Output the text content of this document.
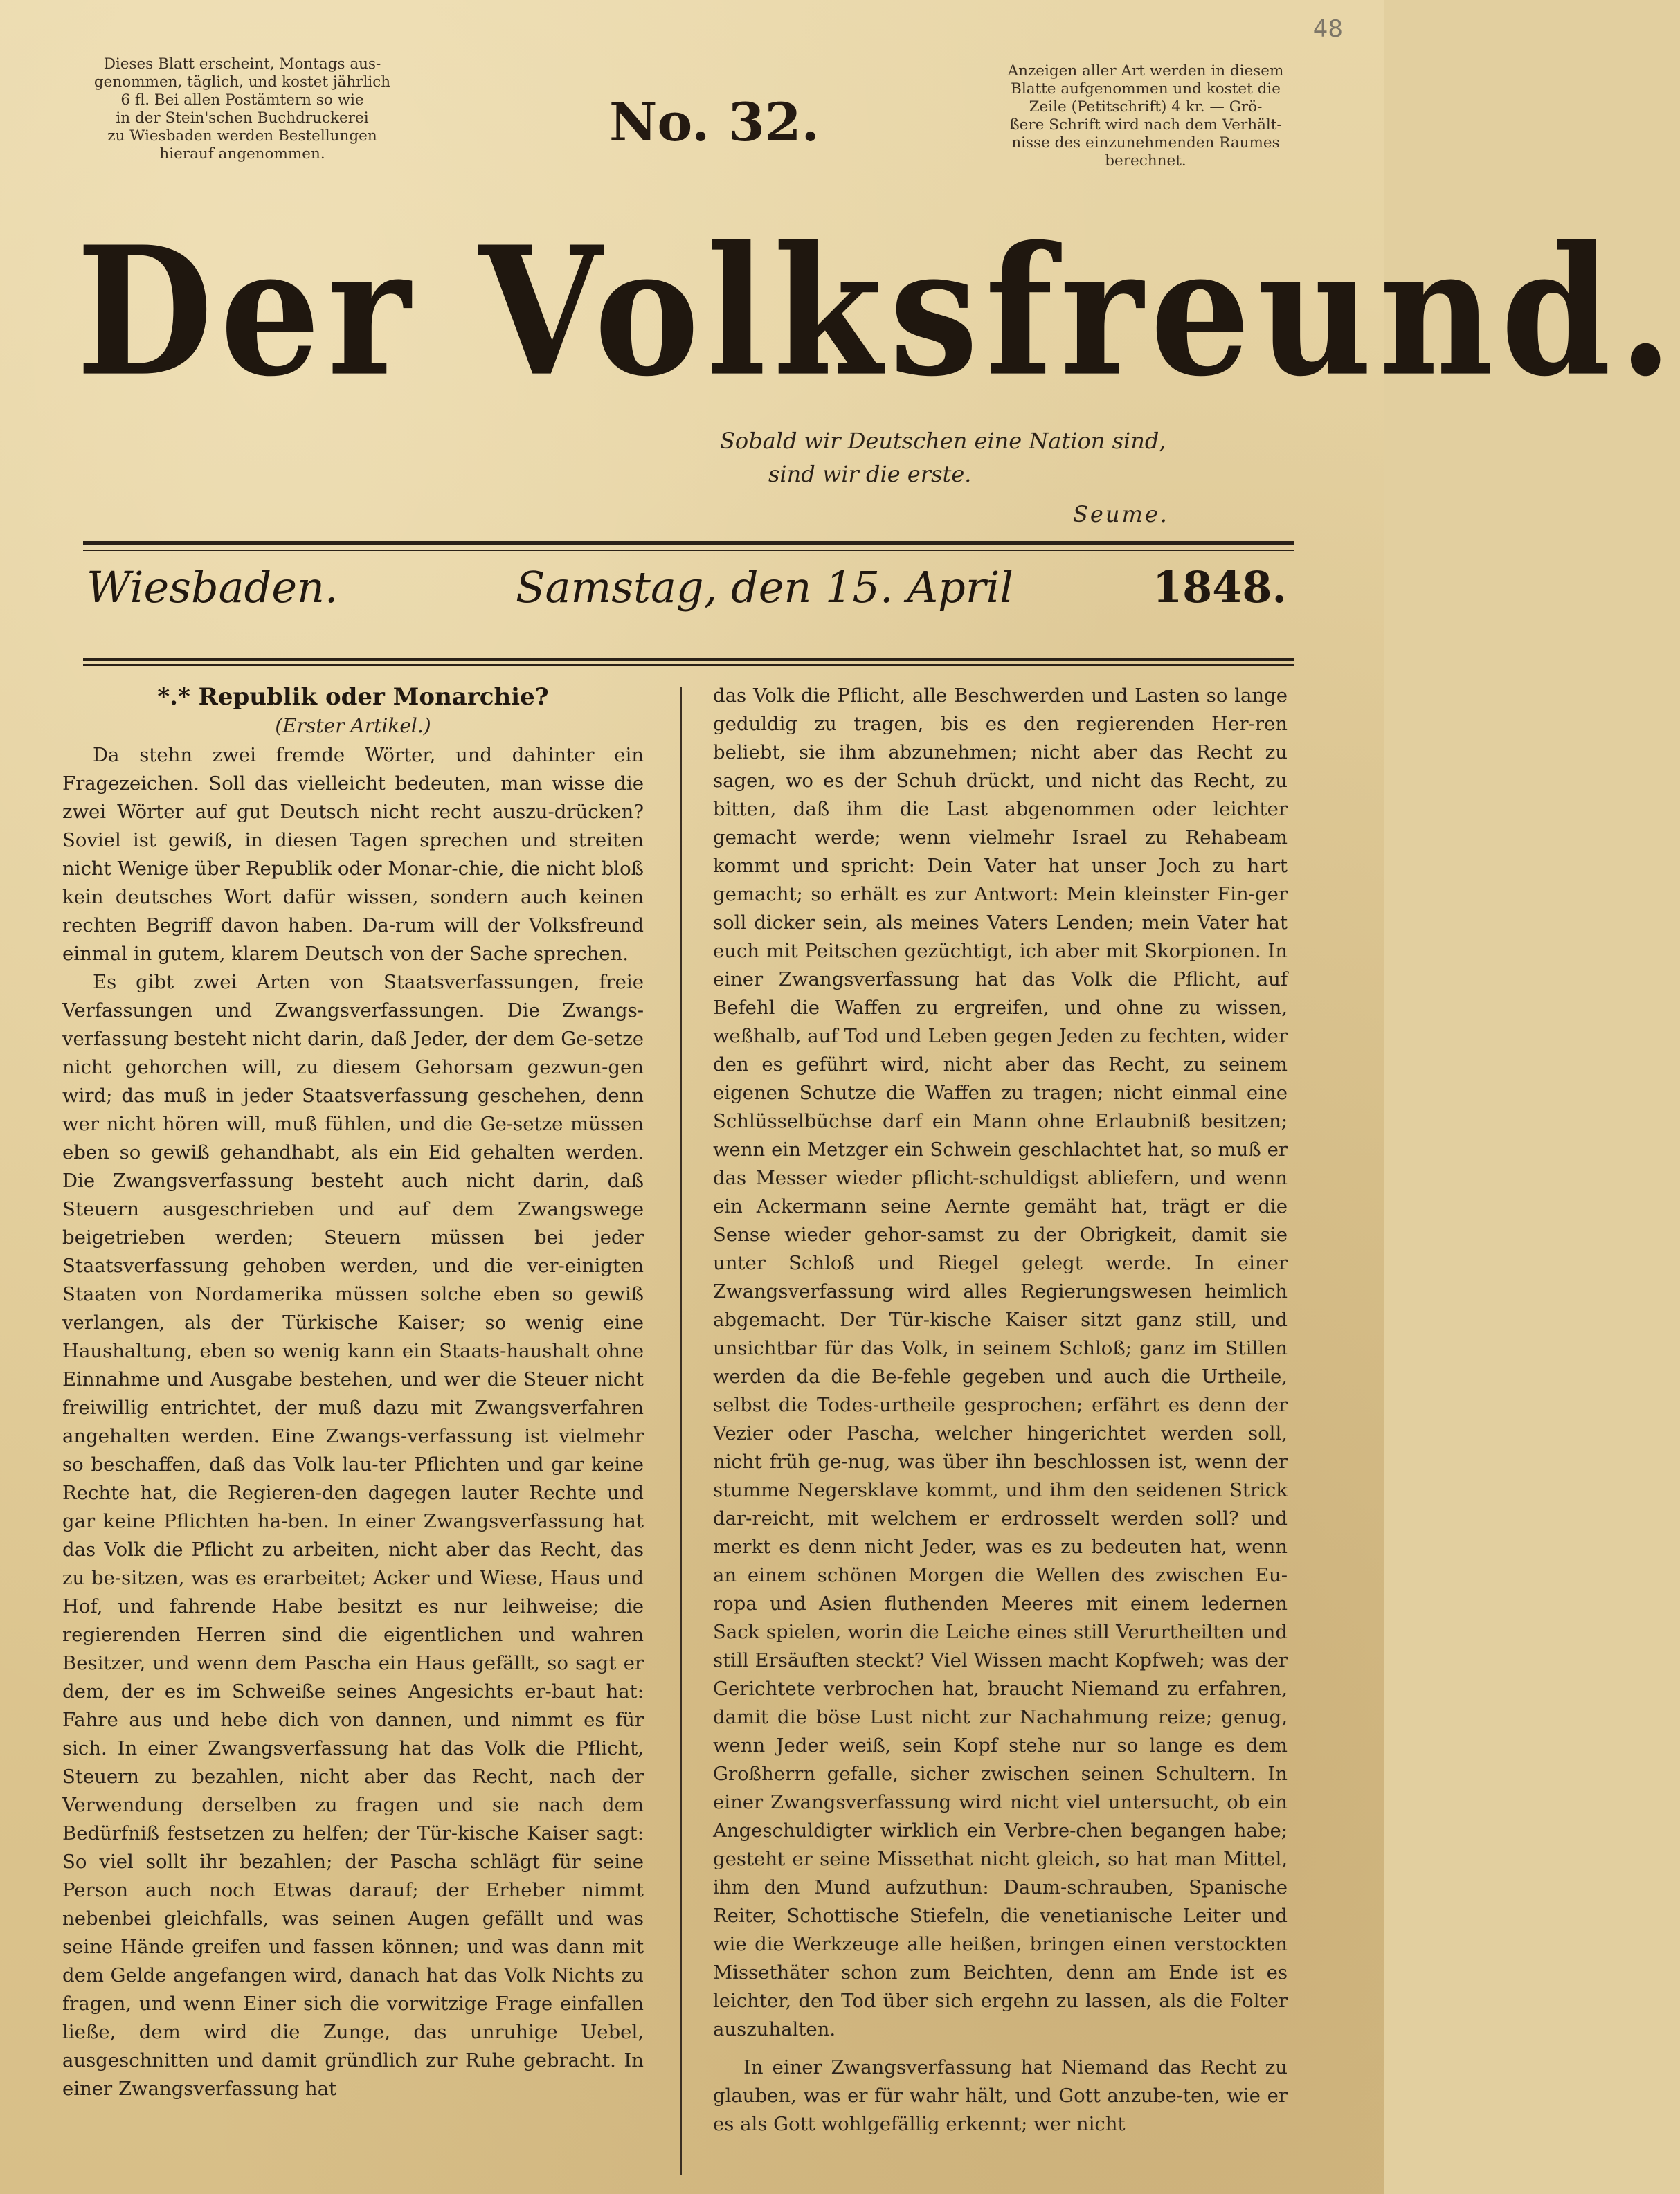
48
Dieses Blatt erscheint, Montags aus-
genommen, täglich, und kostet jährlich
6 fl. Bei allen Postämtern so wie
in der Stein'schen Buchdruckerei
zu Wiesbaden werden Bestellungen
hierauf angenommen.
No. 32.
Anzeigen aller Art werden in diesem
Blatte aufgenommen und kostet die
Zeile (Petitschrift) 4 kr. — Grö-
ßere Schrift wird nach dem Verhält-
nisse des einzunehmenden Raumes
berechnet.
Der Volksfreund.
Sobald wir Deutschen eine Nation sind,
sind wir die erste.
Seume.
Wiesbaden.	Samstag, den 15. April	1848.
*.* Republik oder Monarchie?
(Erster Artikel.)

Da stehn zwei fremde Wörter, und dahinter ein Fragezeichen. Soll das vielleicht bedeuten, man wisse die zwei Wörter auf gut Deutsch nicht recht auszu-drücken? Soviel ist gewiß, in diesen Tagen sprechen und streiten nicht Wenige über Republik oder Monar-chie, die nicht bloß kein deutsches Wort dafür wissen, sondern auch keinen rechten Begriff davon haben. Da-rum will der Volksfreund einmal in gutem, klarem Deutsch von der Sache sprechen.

Es gibt zwei Arten von Staatsverfassungen, freie Verfassungen und Zwangsverfassungen. Die Zwangs-verfassung besteht nicht darin, daß Jeder, der dem Ge-setze nicht gehorchen will, zu diesem Gehorsam gezwun-gen wird; das muß in jeder Staatsverfassung geschehen, denn wer nicht hören will, muß fühlen, und die Ge-setze müssen eben so gewiß gehandhabt, als ein Eid gehalten werden. Die Zwangsverfassung besteht auch nicht darin, daß Steuern ausgeschrieben und auf dem Zwangswege beigetrieben werden; Steuern müssen bei jeder Staatsverfassung gehoben werden, und die ver-einigten Staaten von Nordamerika müssen solche eben so gewiß verlangen, als der Türkische Kaiser; so wenig eine Haushaltung, eben so wenig kann ein Staats-haushalt ohne Einnahme und Ausgabe bestehen, und wer die Steuer nicht freiwillig entrichtet, der muß dazu mit Zwangsverfahren angehalten werden. Eine Zwangs-verfassung ist vielmehr so beschaffen, daß das Volk lau-ter Pflichten und gar keine Rechte hat, die Regieren-den dagegen lauter Rechte und gar keine Pflichten ha-ben. In einer Zwangsverfassung hat das Volk die Pflicht zu arbeiten, nicht aber das Recht, das zu be-sitzen, was es erarbeitet; Acker und Wiese, Haus und Hof, und fahrende Habe besitzt es nur leihweise; die regierenden Herren sind die eigentlichen und wahren Besitzer, und wenn dem Pascha ein Haus gefällt, so sagt er dem, der es im Schweiße seines Angesichts er-baut hat: Fahre aus und hebe dich von dannen, und nimmt es für sich. In einer Zwangsverfassung hat das Volk die Pflicht, Steuern zu bezahlen, nicht aber das Recht, nach der Verwendung derselben zu fragen und sie nach dem Bedürfniß festsetzen zu helfen; der Tür-kische Kaiser sagt: So viel sollt ihr bezahlen; der Pascha schlägt für seine Person auch noch Etwas darauf; der Erheber nimmt nebenbei gleichfalls, was seinen Augen gefällt und was seine Hände greifen und fassen können; und was dann mit dem Gelde angefangen wird, danach hat das Volk Nichts zu fragen, und wenn Einer sich die vorwitzige Frage einfallen ließe, dem wird die Zunge, das unruhige Uebel, ausgeschnitten und damit gründlich zur Ruhe gebracht. In einer Zwangsverfassung hat

das Volk die Pflicht, alle Beschwerden und Lasten so lange geduldig zu tragen, bis es den regierenden Her-ren beliebt, sie ihm abzunehmen; nicht aber das Recht zu sagen, wo es der Schuh drückt, und nicht das Recht, zu bitten, daß ihm die Last abgenommen oder leichter gemacht werde; wenn vielmehr Israel zu Rehabeam kommt und spricht: Dein Vater hat unser Joch zu hart gemacht; so erhält es zur Antwort: Mein kleinster Fin-ger soll dicker sein, als meines Vaters Lenden; mein Vater hat euch mit Peitschen gezüchtigt, ich aber mit Skorpionen. In einer Zwangsverfassung hat das Volk die Pflicht, auf Befehl die Waffen zu ergreifen, und ohne zu wissen, weßhalb, auf Tod und Leben gegen Jeden zu fechten, wider den es geführt wird, nicht aber das Recht, zu seinem eigenen Schutze die Waffen zu tragen; nicht einmal eine Schlüsselbüchse darf ein Mann ohne Erlaubniß besitzen; wenn ein Metzger ein Schwein geschlachtet hat, so muß er das Messer wieder pflicht-schuldigst abliefern, und wenn ein Ackermann seine Aernte gemäht hat, trägt er die Sense wieder gehor-samst zu der Obrigkeit, damit sie unter Schloß und Riegel gelegt werde. In einer Zwangsverfassung wird alles Regierungswesen heimlich abgemacht. Der Tür-kische Kaiser sitzt ganz still, und unsichtbar für das Volk, in seinem Schloß; ganz im Stillen werden da die Be-fehle gegeben und auch die Urtheile, selbst die Todes-urtheile gesprochen; erfährt es denn der Vezier oder Pascha, welcher hingerichtet werden soll, nicht früh ge-nug, was über ihn beschlossen ist, wenn der stumme Negersklave kommt, und ihm den seidenen Strick dar-reicht, mit welchem er erdrosselt werden soll? und merkt es denn nicht Jeder, was es zu bedeuten hat, wenn an einem schönen Morgen die Wellen des zwischen Eu-ropa und Asien fluthenden Meeres mit einem ledernen Sack spielen, worin die Leiche eines still Verurtheilten und still Ersäuften steckt? Viel Wissen macht Kopfweh; was der Gerichtete verbrochen hat, braucht Niemand zu erfahren, damit die böse Lust nicht zur Nachahmung reize; genug, wenn Jeder weiß, sein Kopf stehe nur so lange es dem Großherrn gefalle, sicher zwischen seinen Schultern. In einer Zwangsverfassung wird nicht viel untersucht, ob ein Angeschuldigter wirklich ein Verbre-chen begangen habe; gesteht er seine Missethat nicht gleich, so hat man Mittel, ihm den Mund aufzuthun: Daum-schrauben, Spanische Reiter, Schottische Stiefeln, die venetianische Leiter und wie die Werkzeuge alle heißen, bringen einen verstockten Missethäter schon zum Beichten, denn am Ende ist es leichter, den Tod über sich ergehn zu lassen, als die Folter auszuhalten.

In einer Zwangsverfassung hat Niemand das Recht zu glauben, was er für wahr hält, und Gott anzube-ten, wie er es als Gott wohlgefällig erkennt; wer nicht
